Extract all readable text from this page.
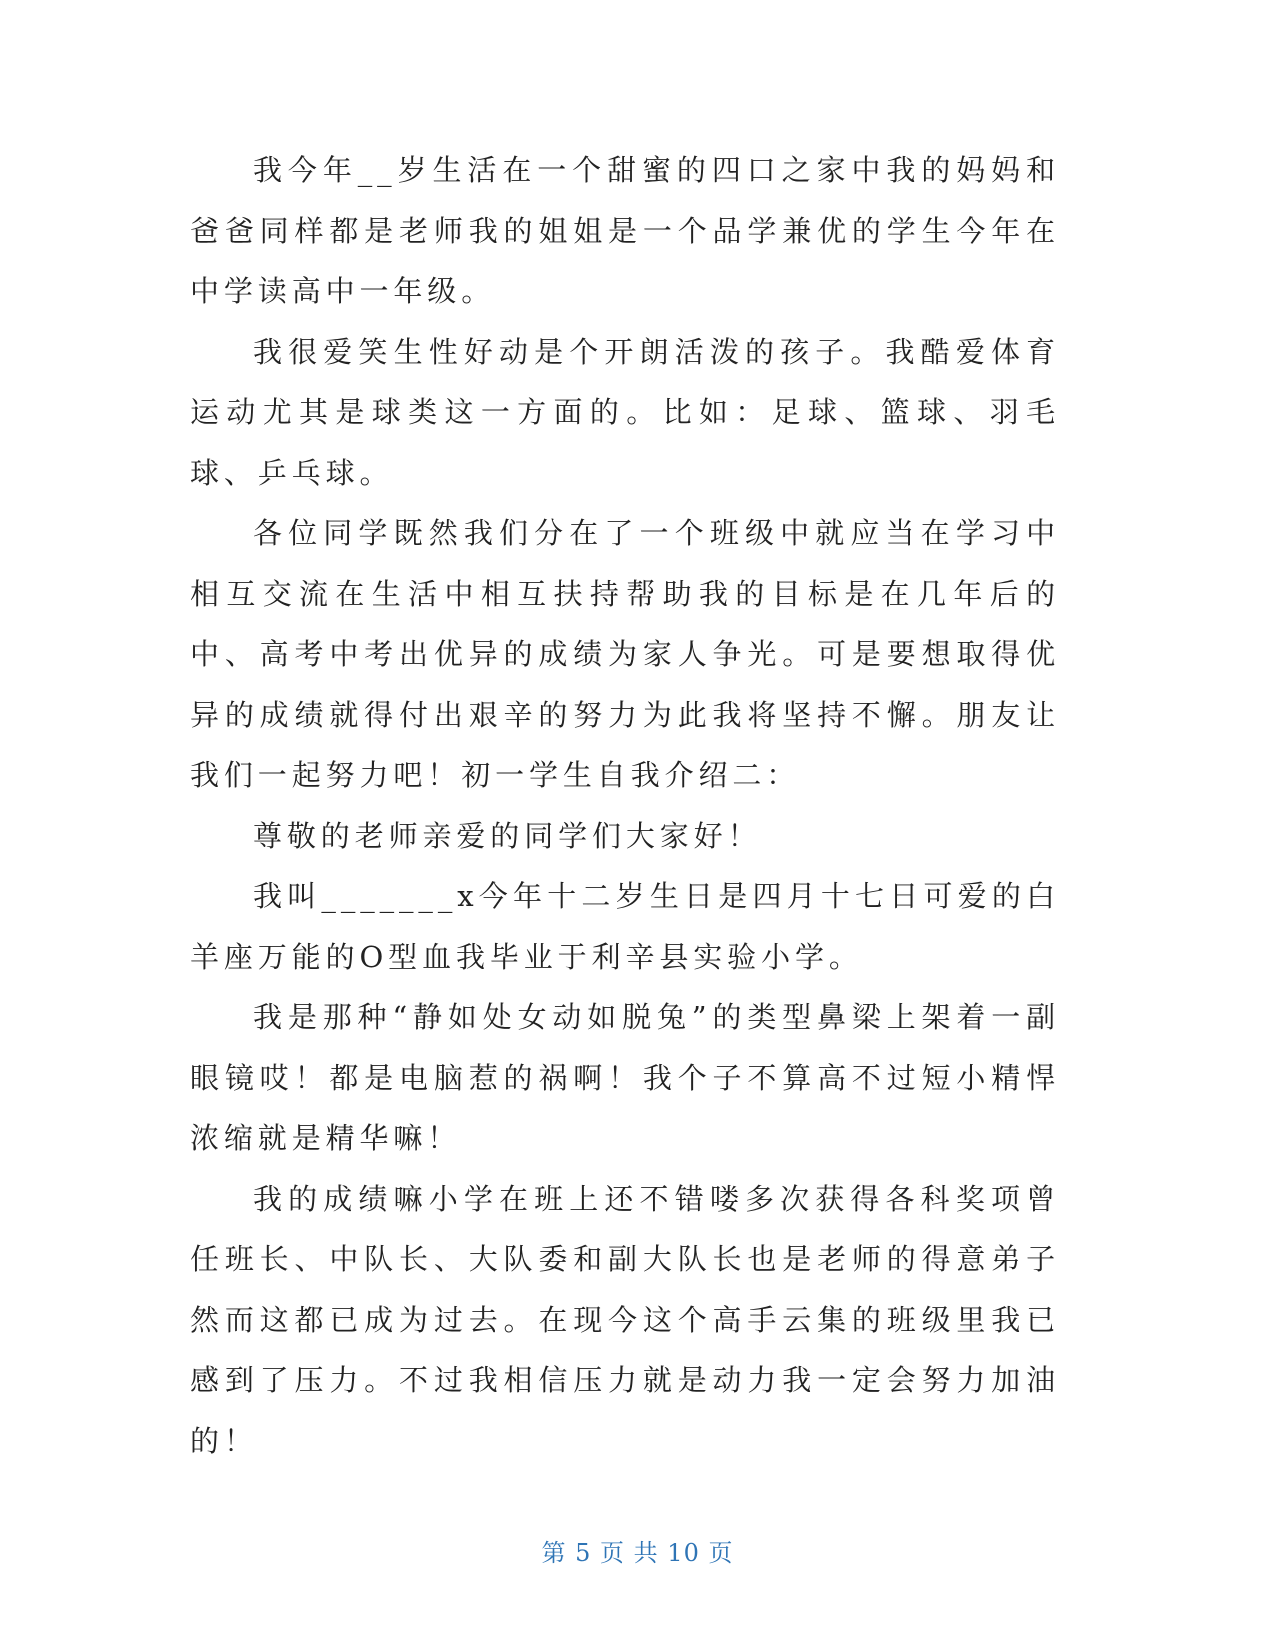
我今年__岁生活在一个甜蜜的四口之家中我的妈妈和爸爸同样都是老师我的姐姐是一个品学兼优的学生今年在中学读高中一年级。

我很爱笑生性好动是个开朗活泼的孩子。我酷爱体育运动尤其是球类这一方面的。比如：足球、篮球、羽毛球、乒乓球。

各位同学既然我们分在了一个班级中就应当在学习中相互交流在生活中相互扶持帮助我的目标是在几年后的中、高考中考出优异的成绩为家人争光。可是要想取得优异的成绩就得付出艰辛的努力为此我将坚持不懈。朋友让我们一起努力吧！初一学生自我介绍二：

尊敬的老师亲爱的同学们大家好！

我叫_______x今年十二岁生日是四月十七日可爱的白羊座万能的O型血我毕业于利辛县实验小学。

我是那种“静如处女动如脱兔”的类型鼻梁上架着一副眼镜哎！都是电脑惹的祸啊！我个子不算高不过短小精悍浓缩就是精华嘛！

我的成绩嘛小学在班上还不错喽多次获得各科奖项曾任班长、中队长、大队委和副大队长也是老师的得意弟子然而这都已成为过去。在现今这个高手云集的班级里我已感到了压力。不过我相信压力就是动力我一定会努力加油的！

第 5 页 共 10 页
